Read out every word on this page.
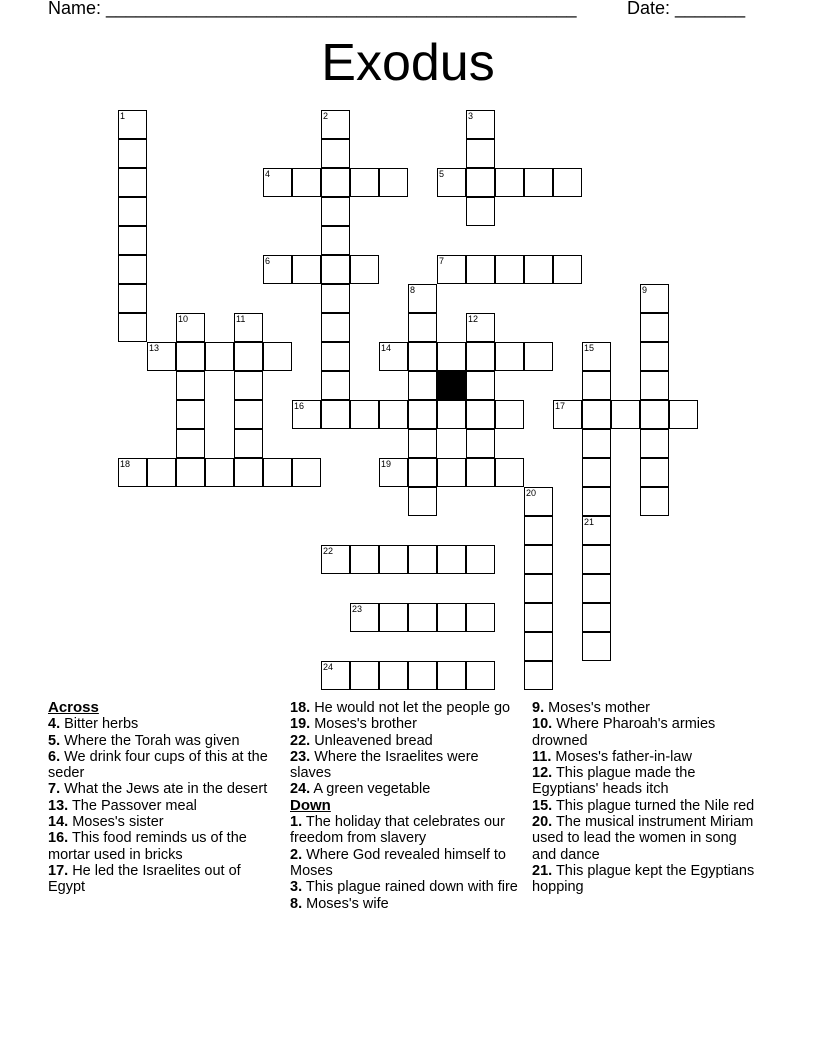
Name: _______________________________________________	Date: _______
Exodus
1	2	3
4	5
6	7
8	9
10	11	12
13	14	15
16	17
18	19
20
21
22
23
24
Across
4. Bitter herbs
5. Where the Torah was given
6. We drink four cups of this at the seder
7. What the Jews ate in the desert
13. The Passover meal
14. Moses's sister
16. This food reminds us of the mortar used in bricks
17. He led the Israelites out of Egypt
18. He would not let the people go
19. Moses's brother
22. Unleavened bread
23. Where the Israelites were slaves
24. A green vegetable
Down
1. The holiday that celebrates our freedom from slavery
2. Where God revealed himself to Moses
3. This plague rained down with fire
8. Moses's wife
9. Moses's mother
10. Where Pharoah's armies drowned
11. Moses's father-in-law
12. This plague made the Egyptians' heads itch
15. This plague turned the Nile red
20. The musical instrument Miriam used to lead the women in song and dance
21. This plague kept the Egyptians hopping
